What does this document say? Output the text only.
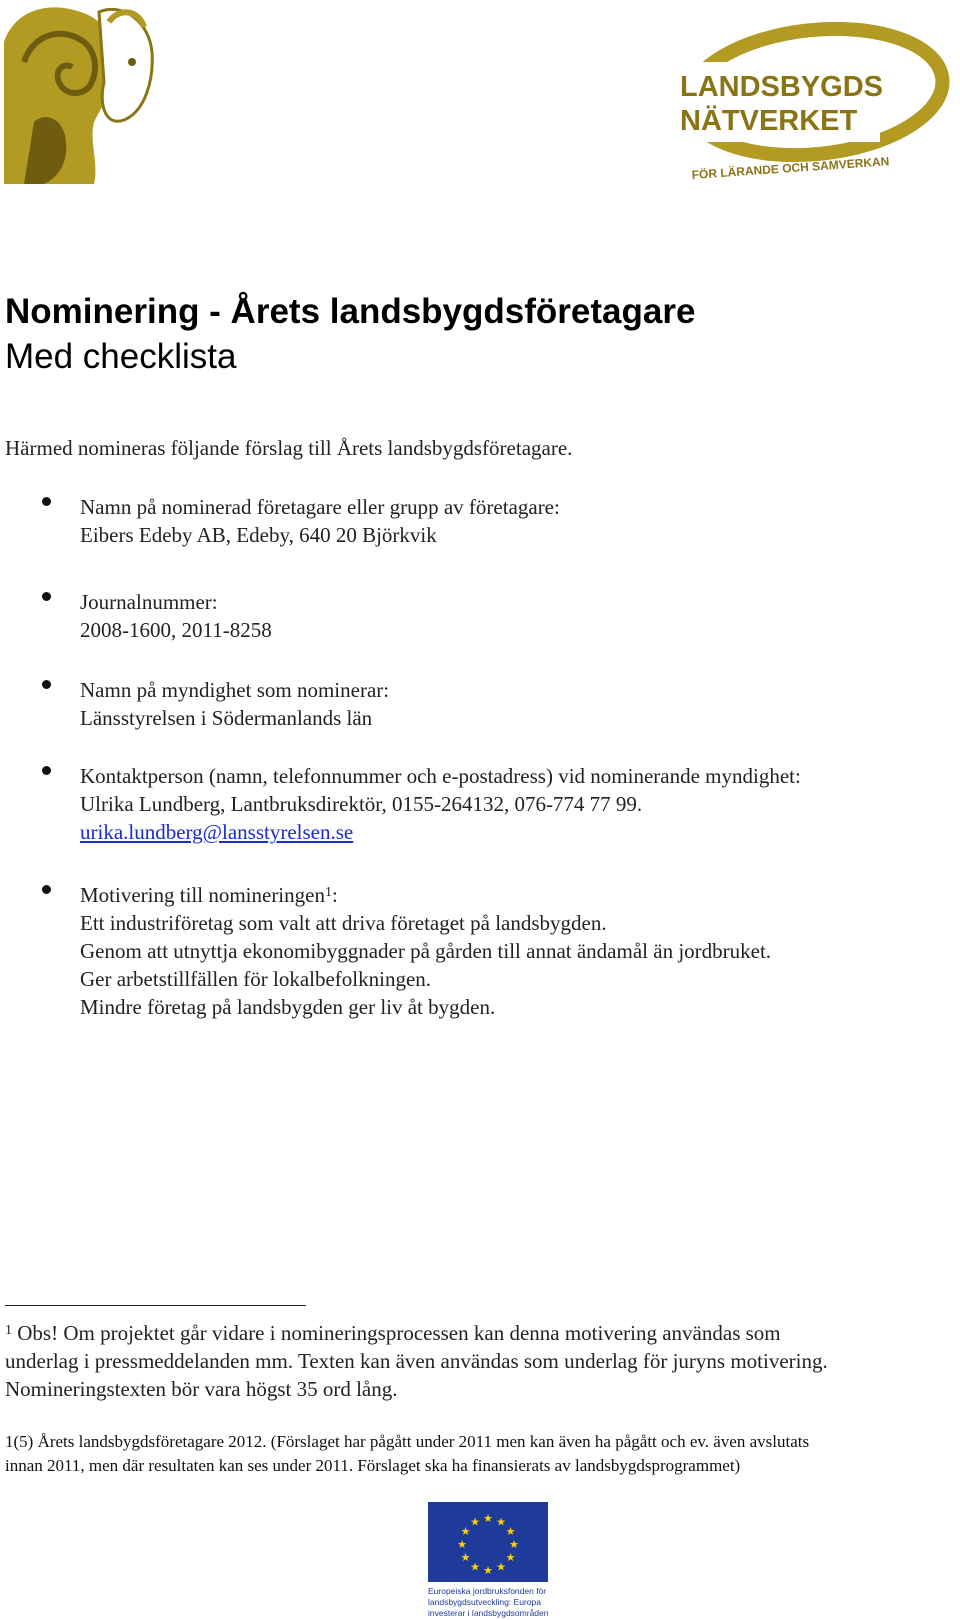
LANDSBYGDS
NÄTVERKET
FÖR LÄRANDE OCH SAMVERKAN
Nominering - Årets landsbygdsföretagare
Med checklista
Härmed nomineras följande förslag till Årets landsbygdsföretagare.
Namn på nominerad företagare eller grupp av företagare:
Eibers Edeby AB, Edeby, 640 20 Björkvik
Journalnummer:
2008-1600, 2011-8258
Namn på myndighet som nominerar:
Länsstyrelsen i Södermanlands län
Kontaktperson (namn, telefonnummer och e-postadress) vid nominerande myndighet:
Ulrika Lundberg, Lantbruksdirektör, 0155-264132, 076-774 77 99.
urika.lundberg@lansstyrelsen.se
Motivering till nomineringen$^1$:
Ett industriföretag som valt att driva företaget på landsbygden.
Genom att utnyttja ekonomibyggnader på gården till annat ändamål än jordbruket.
Ger arbetstillfällen för lokalbefolkningen.
Mindre företag på landsbygden ger liv åt bygden.
$^1$ Obs! Om projektet går vidare i nomineringsprocessen kan denna motivering användas som
underlag i pressmeddelanden mm. Texten kan även användas som underlag för juryns motivering.
Nomineringstexten bör vara högst 35 ord lång.
1(5) Årets landsbygdsföretagare 2012. (Förslaget har pågått under 2011 men kan även ha pågått och ev. även avslutats
innan 2011, men där resultaten kan ses under 2011. Förslaget ska ha finansierats av landsbygdsprogrammet)
★ ★
★
★
★
★
★
★
★
★
★
★
Europeiska jordbruksfonden för
landsbygdsutveckling: Europa
investerar i landsbygdsområden
